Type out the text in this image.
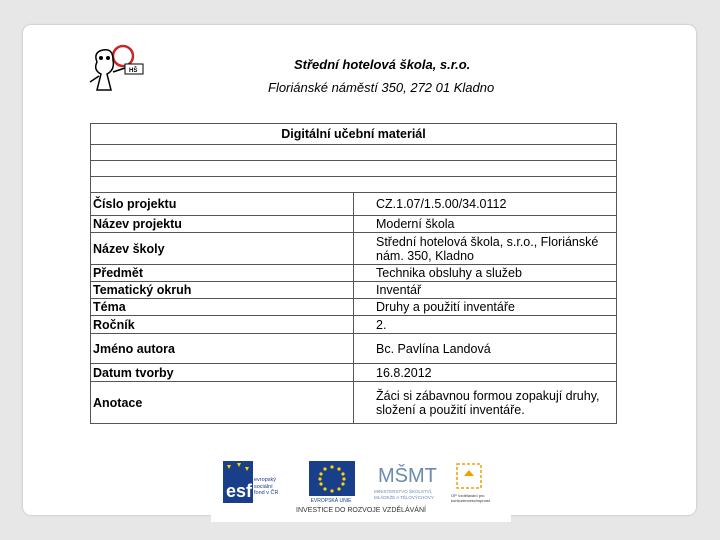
HŠ	Střední hotelová škola, s.r.o.
Floriánské náměstí 350, 272 01 Kladno
Digitální učební materiál	

Číslo projektu	CZ.1.07/1.5.00/34.0112
Název projektu	Moderní škola
Název školy	Střední hotelová škola, s.r.o., Floriánské nám. 350, Kladno
Předmět	Technika obsluhy a služeb
Tematický okruh	Inventář
Téma	Druhy a použití inventáře
Ročník	2.
Jméno autora	Bc. Pavlína Landová
Datum tvorby	16.8.2012
Anotace	Žáci si zábavnou formou zopakují druhy, složení a použití inventáře.
esf
evropský sociální fond v ČR
EVROPSKÁ UNIE
MŠMT
MINISTERSTVO ŠKOLSTVÍ, MLÁDEŽE A TĚLOVÝCHOVY	OP Vzdělávání pro konkurenceschopnost
INVESTICE DO ROZVOJE VZDĚLÁVÁNÍ
